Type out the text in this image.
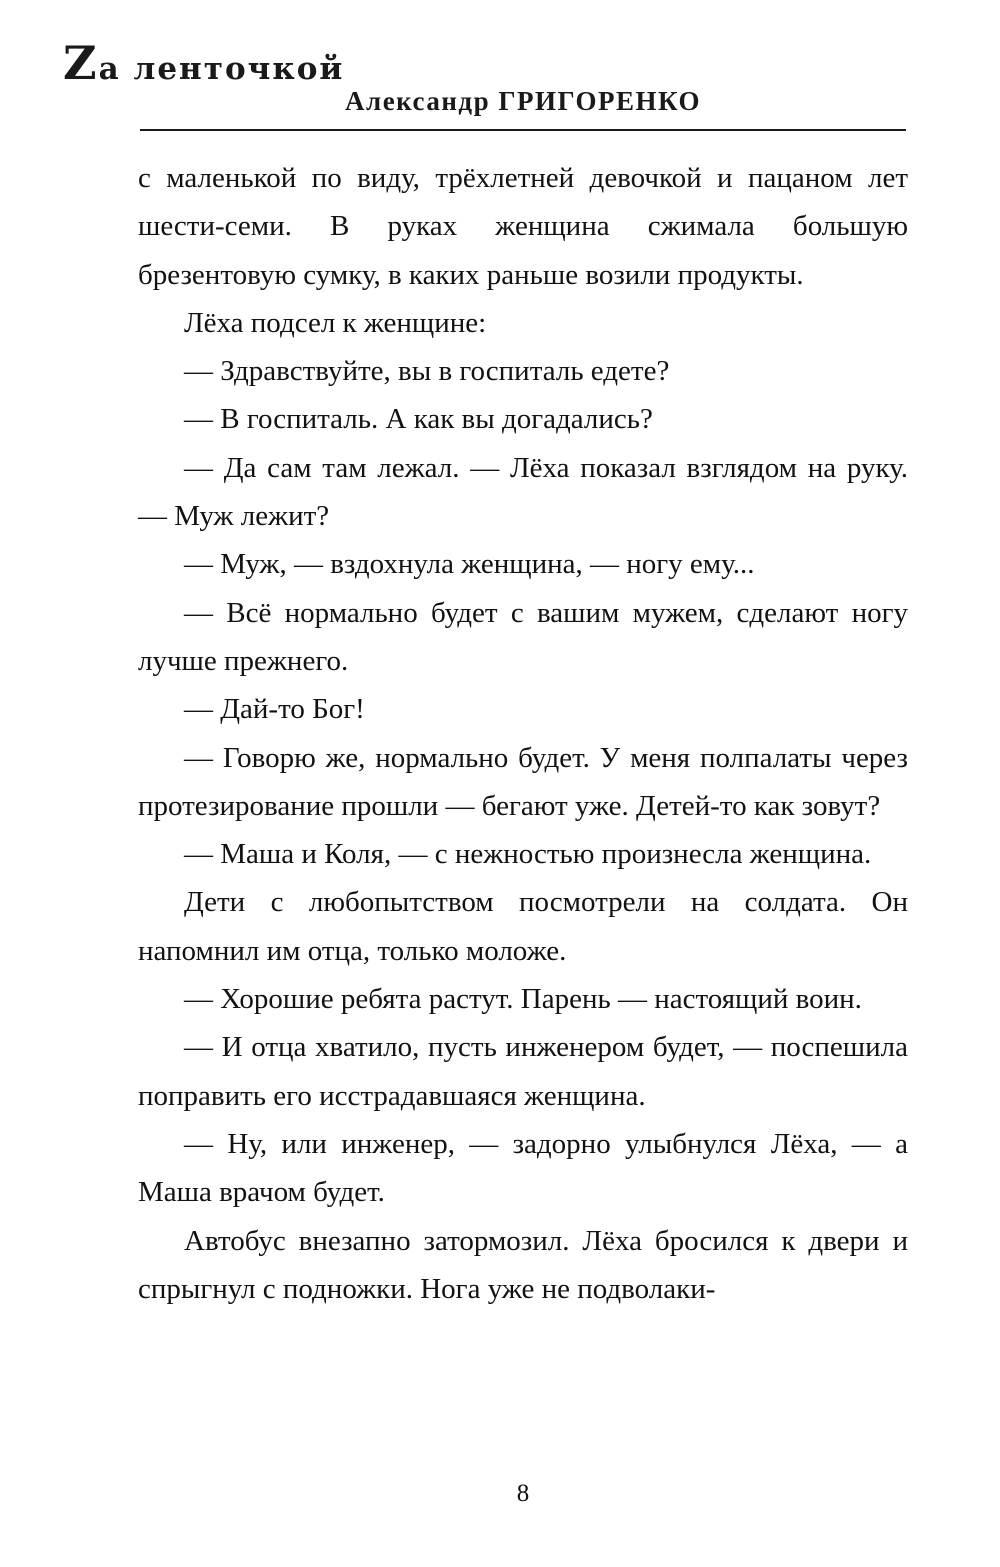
Zа ленточкой
Александр ГРИГОРЕНКО

с маленькой по виду, трёхлетней девочкой и пацаном лет шести-семи. В руках женщина сжимала большую брезентовую сумку, в каких раньше возили продукты.

Лёха подсел к женщине:

— Здравствуйте, вы в госпиталь едете?

— В госпиталь. А как вы догадались?

— Да сам там лежал. — Лёха показал взглядом на руку. — Муж лежит?

— Муж, — вздохнула женщина, — ногу ему...

— Всё нормально будет с вашим мужем, сделают ногу лучше прежнего.

— Дай-то Бог!

— Говорю же, нормально будет. У меня полпалаты через протезирование прошли — бегают уже. Детей-то как зовут?

— Маша и Коля, — с нежностью произнесла женщина.

Дети с любопытством посмотрели на солдата. Он напомнил им отца, только моложе.

— Хорошие ребята растут. Парень — настоящий воин.

— И отца хватило, пусть инженером будет, — поспешила поправить его исстрадавшаяся женщина.

— Ну, или инженер, — задорно улыбнулся Лёха, — а Маша врачом будет.

Автобус внезапно затормозил. Лёха бросился к двери и спрыгнул с подножки. Нога уже не подволаки-

8
